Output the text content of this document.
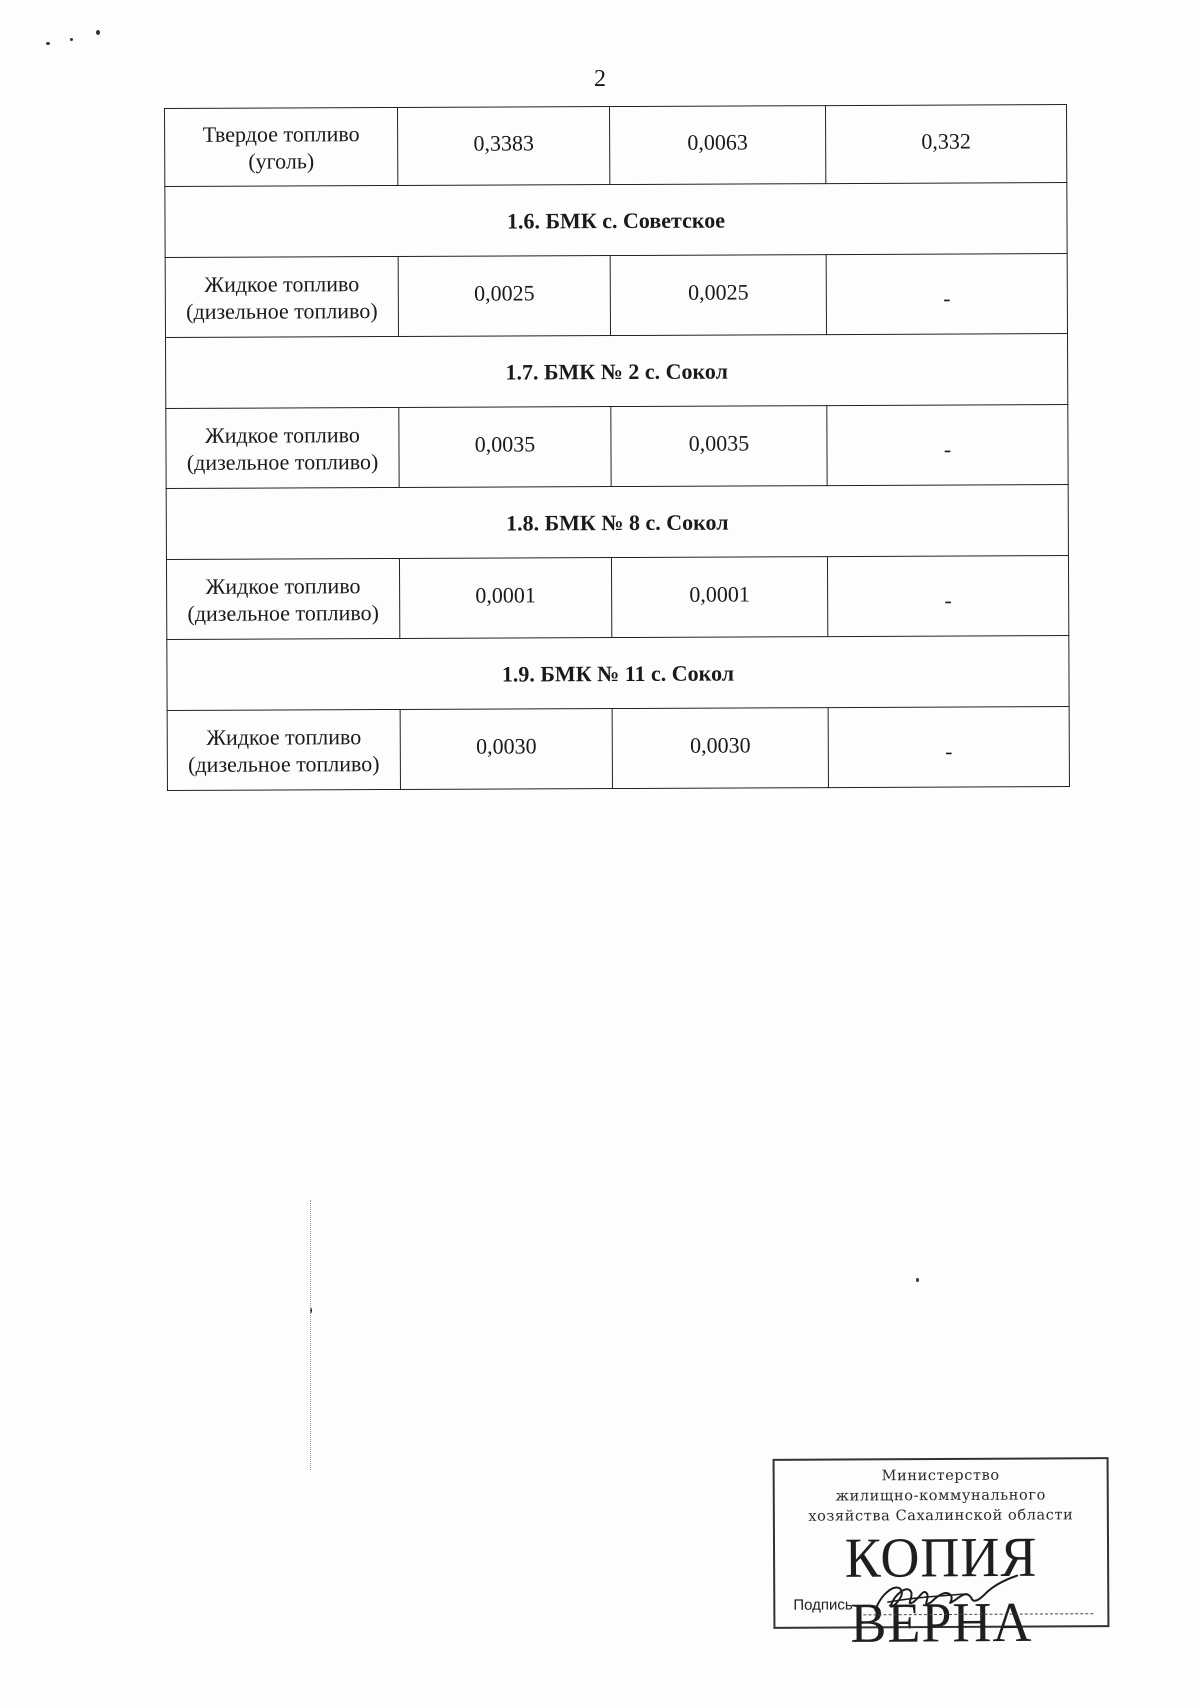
2
Твердое топливо (уголь)	0,3383	0,0063	0,332
1.6. БМК с. Советское			
Жидкое топливо (дизельное топливо)	0,0025	0,0025	-
1.7. БМК № 2 с. Сокол			
Жидкое топливо (дизельное топливо)	0,0035	0,0035	-
1.8. БМК № 8 с. Сокол			
Жидкое топливо (дизельное топливо)	0,0001	0,0001	-
1.9. БМК № 11 с. Сокол			
Жидкое топливо (дизельное топливо)	0,0030	0,0030	-
Министерство
жилищно-коммунального
хозяйства Сахалинской области
КОПИЯ ВЕРНА
Подпись
